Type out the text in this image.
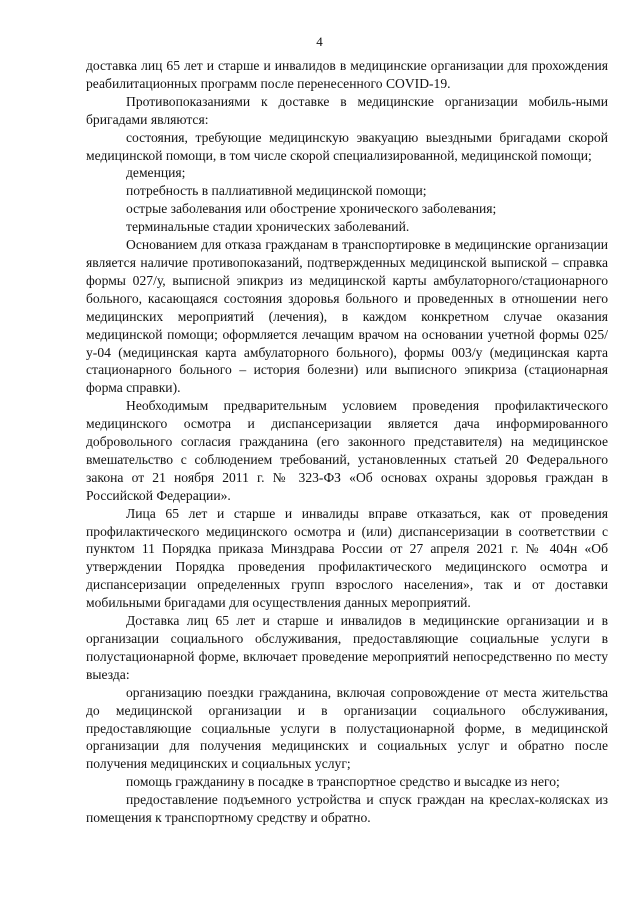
4

доставка лиц 65 лет и старше и инвалидов в медицинские организации для прохождения реабилитационных программ после перенесенного COVID-19.

Противопоказаниями к доставке в медицинские организации мобиль-ными бригадами являются:

состояния, требующие медицинскую эвакуацию выездными бригадами скорой медицинской помощи, в том числе скорой специализированной, медицинской помощи;

деменция;

потребность в паллиативной медицинской помощи;

острые заболевания или обострение хронического заболевания;

терминальные стадии хронических заболеваний.

Основанием для отказа гражданам в транспортировке в медицинские организации является наличие противопоказаний, подтвержденных медицинской выпиской – справка формы 027/у, выписной эпикриз из медицинской карты амбулаторного/стационарного больного, касающаяся состояния здоровья больного и проведенных в отношении него медицинских мероприятий (лечения), в каждом конкретном случае оказания медицинской помощи; оформляется лечащим врачом на основании учетной формы 025/у-04 (медицинская карта амбулаторного больного), формы 003/у (медицинская карта стационарного больного – история болезни) или выписного эпикриза (стационарная форма справки).

Необходимым предварительным условием проведения профилактического медицинского осмотра и диспансеризации является дача информированного добровольного согласия гражданина (его законного представителя) на медицинское вмешательство с соблюдением требований, установленных статьей 20 Федерального закона от 21 ноября 2011 г. № 323-ФЗ «Об основах охраны здоровья граждан в Российской Федерации».

Лица 65 лет и старше и инвалиды вправе отказаться, как от проведения профилактического медицинского осмотра и (или) диспансеризации в соответствии с пунктом 11 Порядка приказа Минздрава России от 27 апреля 2021 г. № 404н «Об утверждении Порядка проведения профилактического медицинского осмотра и диспансеризации определенных групп взрослого населения», так и от доставки мобильными бригадами для осуществления данных мероприятий.

Доставка лиц 65 лет и старше и инвалидов в медицинские организации и в организации социального обслуживания, предоставляющие социальные услуги в полустационарной форме, включает проведение мероприятий непосредственно по месту выезда:

организацию поездки гражданина, включая сопровождение от места жительства до медицинской организации и в организации социального обслуживания, предоставляющие социальные услуги в полустационарной форме, в медицинской организации для получения медицинских и социальных услуг и обратно после получения медицинских и социальных услуг;

помощь гражданину в посадке в транспортное средство и высадке из него;

предоставление подъемного устройства и спуск граждан на креслах-колясках из помещения к транспортному средству и обратно.
